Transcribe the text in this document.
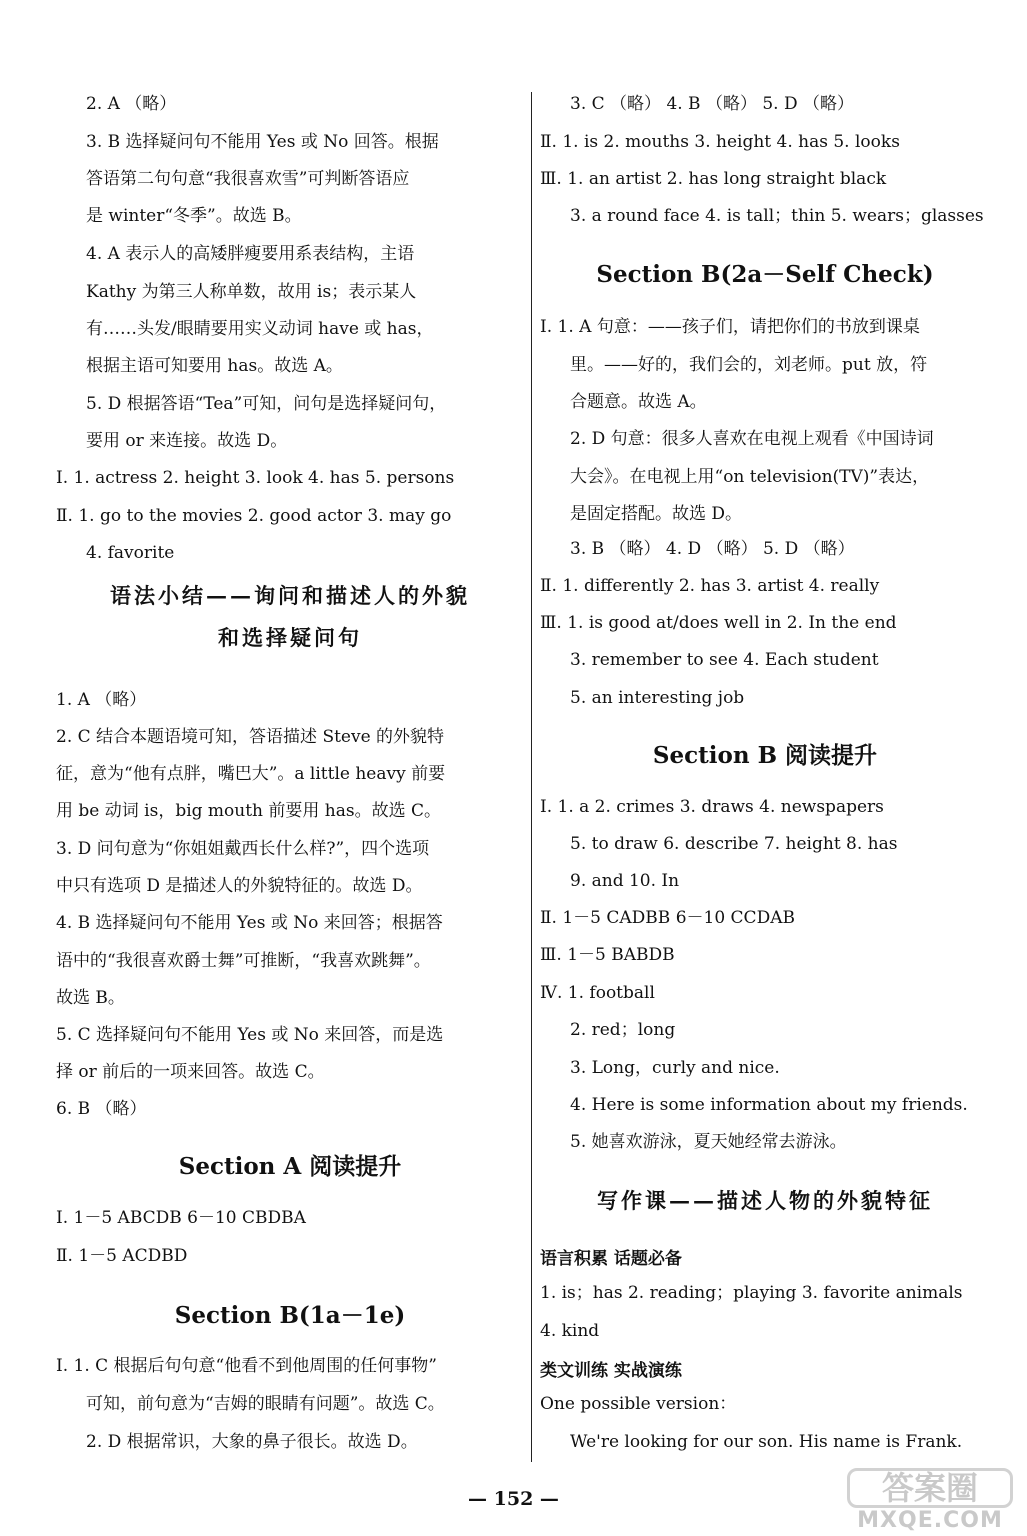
2. A （略）
3. B 选择疑问句不能用 Yes 或 No 回答。根据
答语第二句句意“我很喜欢雪”可判断答语应
是 winter“冬季”。故选 B。
4. A 表示人的高矮胖瘦要用系表结构，主语
Kathy 为第三人称单数，故用 is；表示某人
有……头发/眼睛要用实义动词 have 或 has，
根据主语可知要用 has。故选 A。
5. D 根据答语“Tea”可知，问句是选择疑问句，
要用 or 来连接。故选 D。
Ⅰ. 1. actress 2. height 3. look 4. has 5. persons
Ⅱ. 1. go to the movies 2. good actor 3. may go
4. favorite
语法小结——询问和描述人的外貌
和选择疑问句
1. A （略）
2. C 结合本题语境可知，答语描述 Steve 的外貌特
征，意为“他有点胖，嘴巴大”。a little heavy 前要
用 be 动词 is，big mouth 前要用 has。故选 C。
3. D 问句意为“你姐姐戴西长什么样?”，四个选项
中只有选项 D 是描述人的外貌特征的。故选 D。
4. B 选择疑问句不能用 Yes 或 No 来回答；根据答
语中的“我很喜欢爵士舞”可推断，“我喜欢跳舞”。
故选 B。
5. C 选择疑问句不能用 Yes 或 No 来回答，而是选
择 or 前后的一项来回答。故选 C。
6. B （略）
Section A 阅读提升
Ⅰ. 1－5 ABCDB 6－10 CBDBA
Ⅱ. 1－5 ACDBD
Section B(1a－1e)
Ⅰ. 1. C 根据后句句意“他看不到他周围的任何事物”
可知，前句意为“吉姆的眼睛有问题”。故选 C。
2. D 根据常识，大象的鼻子很长。故选 D。
3. C （略） 4. B （略） 5. D （略）
Ⅱ. 1. is 2. mouths 3. height 4. has 5. looks
Ⅲ. 1. an artist 2. has long straight black
3. a round face 4. is tall；thin 5. wears；glasses
Section B(2a－Self Check)
Ⅰ. 1. A 句意：——孩子们，请把你们的书放到课桌
里。——好的，我们会的，刘老师。put 放，符
合题意。故选 A。
2. D 句意：很多人喜欢在电视上观看《中国诗词
大会》。在电视上用“on television(TV)”表达，
是固定搭配。故选 D。
3. B （略） 4. D （略） 5. D （略）
Ⅱ. 1. differently 2. has 3. artist 4. really
Ⅲ. 1. is good at/does well in 2. In the end
3. remember to see 4. Each student
5. an interesting job
Section B 阅读提升
Ⅰ. 1. a 2. crimes 3. draws 4. newspapers
5. to draw 6. describe 7. height 8. has
9. and 10. In
Ⅱ. 1－5 CADBB 6－10 CCDAB
Ⅲ. 1－5 BABDB
Ⅳ. 1. football
2. red；long
3. Long，curly and nice.
4. Here is some information about my friends.
5. 她喜欢游泳，夏天她经常去游泳。
写作课——描述人物的外貌特征
语言积累 话题必备
1. is；has 2. reading；playing 3. favorite animals
4. kind
类文训练 实战演练
One possible version：
We're looking for our son. His name is Frank.
— 152 —	答案圈
MXQE.COM
